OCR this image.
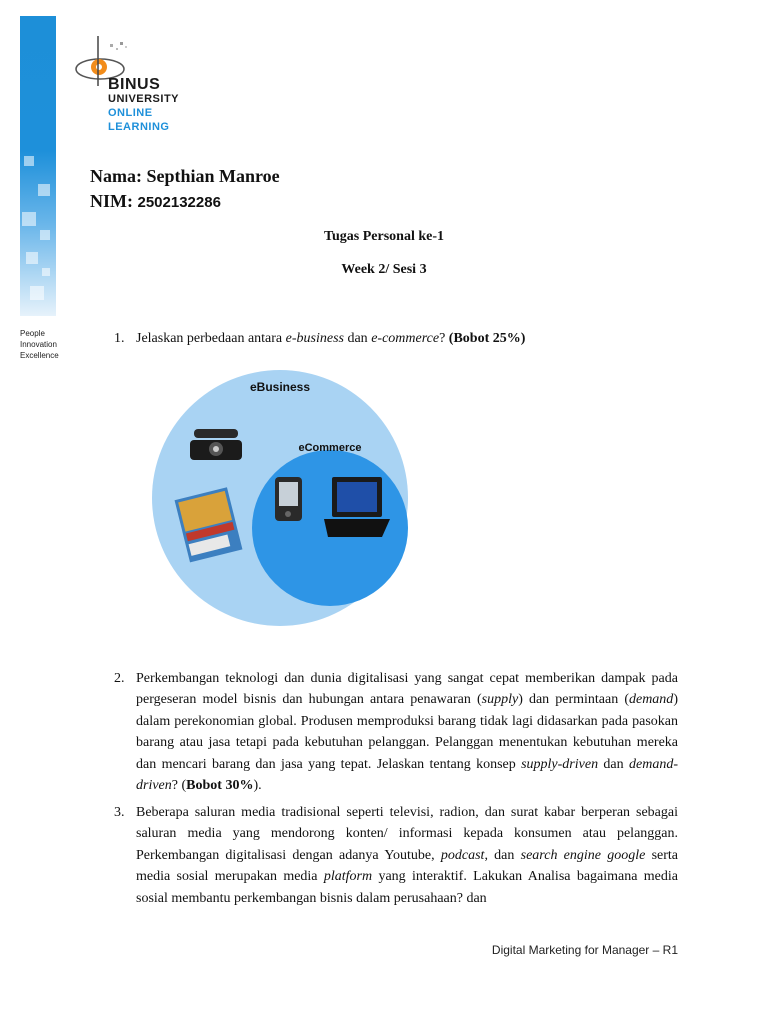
People
Innovation
Excellence
BINUS
UNIVERSITY
ONLINE
LEARNING
Nama: Septhian Manroe
NIM: 2502132286
Tugas Personal ke-1
Week 2/ Sesi 3
1. Jelaskan perbedaan antara e-business dan e-commerce? (Bobot 25%)
eBusiness
eCommerce
2. Perkembangan teknologi dan dunia digitalisasi yang sangat cepat memberikan dampak pada pergeseran model bisnis dan hubungan antara penawaran (supply) dan permintaan (demand) dalam perekonomian global. Produsen memproduksi barang tidak lagi didasarkan pada pasokan barang atau jasa tetapi pada kebutuhan pelanggan. Pelanggan menentukan kebutuhan mereka dan mencari barang dan jasa yang tepat. Jelaskan tentang konsep supply-driven dan demand-driven? (Bobot 30%).
3. Beberapa saluran media tradisional seperti televisi, radion, dan surat kabar berperan sebagai saluran media yang mendorong konten/ informasi kepada konsumen atau pelanggan. Perkembangan digitalisasi dengan adanya Youtube, podcast, dan search engine google serta media sosial merupakan media platform yang interaktif. Lakukan Analisa bagaimana media sosial membantu perkembangan bisnis dalam perusahaan? dan
Digital Marketing for Manager – R1
